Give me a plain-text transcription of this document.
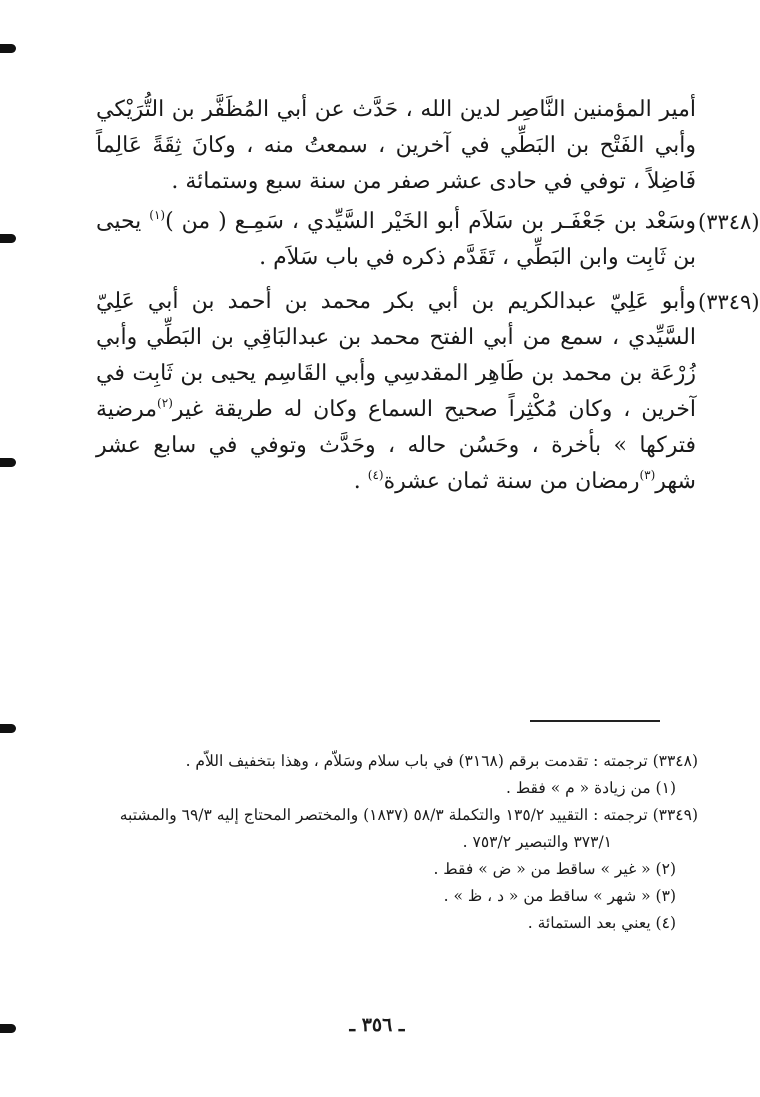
أمير المؤمنين النَّاصِر لدين الله ، حَدَّث عن أبي المُظَفَّر بن التُّرَيْكي وأبي الفَتْح بن البَطِّي في آخرين ، سمعتُ منه ، وكانَ ثِقَةً عَالِماً فَاضِلاً ، توفي في حادى عشر صفر من سنة سبع وستمائة .

(٣٣٤٨)

وسَعْد بن جَعْفَـر بن سَلاَم أبو الخَيْر السَّيِّدي ، سَمِـع ( من )$^{(١)}$ يحيى بن ثَابِت وابن البَطِّي ، تَقَدَّم ذكره في باب سَلاَم .

(٣٣٤٩)

وأبو عَلِيّ عبدالكريم بن أبي بكر محمد بن أحمد بن أبي عَلِيّ السَّيِّدي ، سمع من أبي الفتح محمد بن عبدالبَاقِي بن البَطِّي وأبي زُرْعَة بن محمد بن طَاهِر المقدسِي وأبي القَاسِم يحيى بن ثَابِت في آخرين ، وكان مُكْثِراً صحيح السماع وكان له طريقة غير$^{(٢)}$مرضية فتركها » بأخرة ، وحَسُن حاله ، وحَدَّث وتوفي في سابع عشر شهر$^{(٣)}$رمضان من سنة ثمان عشرة$^{(٤)}$ .

(٣٣٤٨) ترجمته : تقدمت برقم (٣١٦٨) في باب سلام وسَلاّم ، وهذا بتخفيف اللاّم .

(١) من زيادة « م » فقط .

(٣٣٤٩) ترجمته : التقييد ١٣٥/٢ والتكملة ٥٨/٣ (١٨٣٧) والمختصر المحتاج إليه ٦٩/٣ والمشتبه

٣٧٣/١ والتبصير ٧٥٣/٢ .

(٢) « غير » ساقط من « ض » فقط .

(٣) « شهر » ساقط من « د ، ظ » .

(٤) يعني بعد الستمائة .

ـ ٣٥٦ ـ
